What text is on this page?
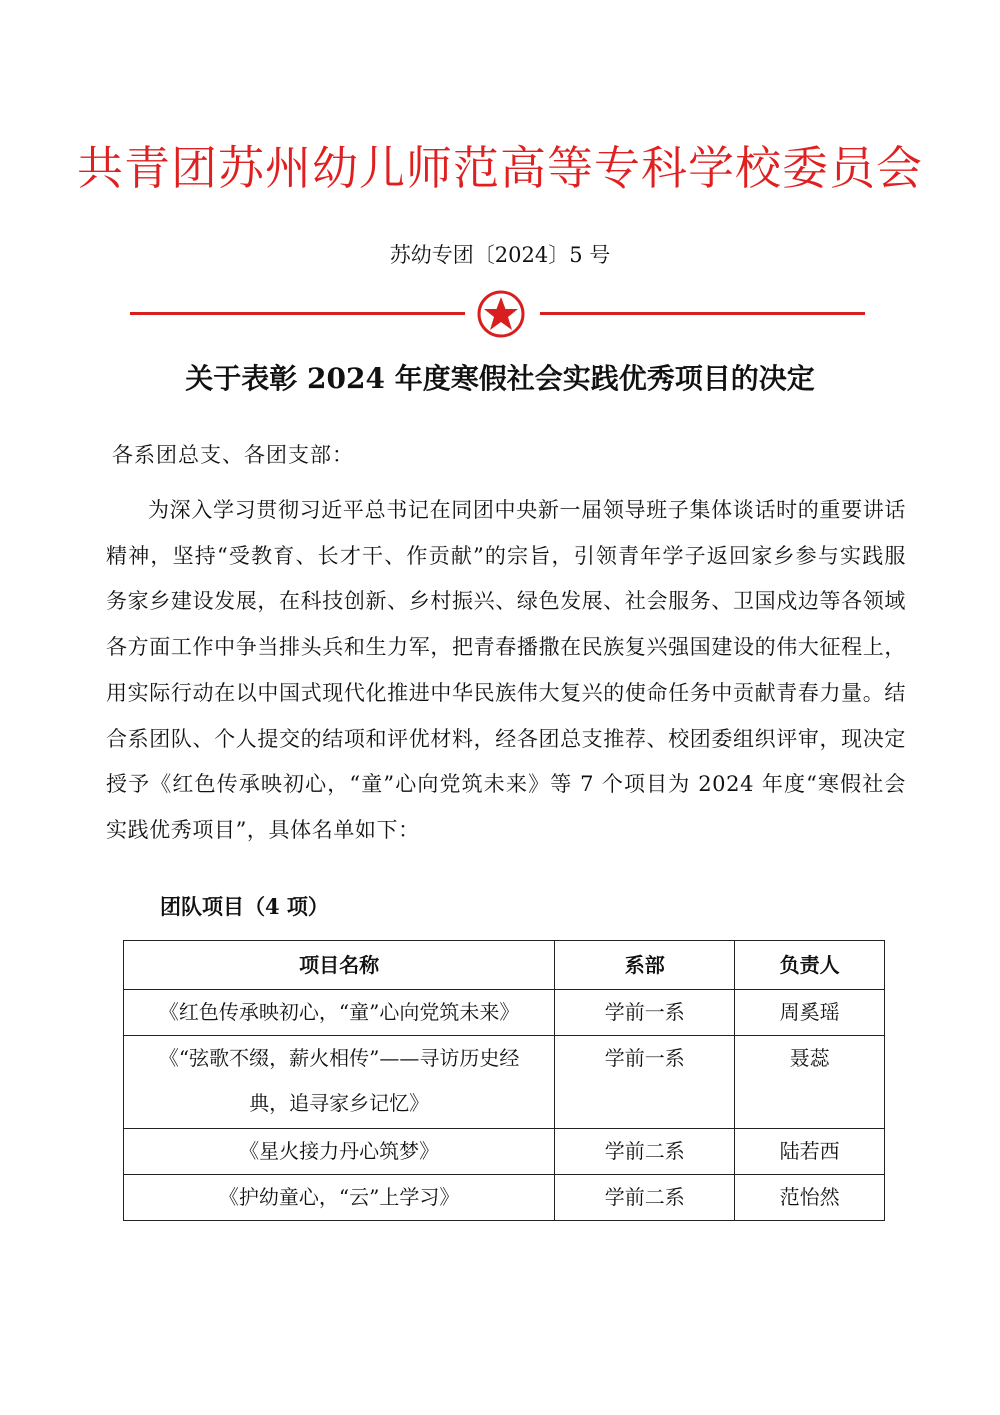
共青团苏州幼儿师范高等专科学校委员会
苏幼专团〔2024〕5 号
关于表彰 2024 年度寒假社会实践优秀项目的决定
各系团总支、各团支部：
为深入学习贯彻习近平总书记在同团中央新一届领导班子集体谈话时的重要讲话精神，坚持“受教育、长才干、作贡献”的宗旨，引领青年学子返回家乡参与实践服务家乡建设发展，在科技创新、乡村振兴、绿色发展、社会服务、卫国戍边等各领域各方面工作中争当排头兵和生力军，把青春播撒在民族复兴强国建设的伟大征程上，用实际行动在以中国式现代化推进中华民族伟大复兴的使命任务中贡献青春力量。结合系团队、个人提交的结项和评优材料，经各团总支推荐、校团委组织评审，现决定授予《红色传承映初心，“童”心向党筑未来》等 7 个项目为 2024 年度“寒假社会实践优秀项目”，具体名单如下：
团队项目（4 项）
项目名称	系部	负责人
《红色传承映初心，“童”心向党筑未来》	学前一系	周奚瑶
《“弦歌不缀，薪火相传”——寻访历史经典，追寻家乡记忆》	学前一系	聂蕊
《星火接力丹心筑梦》	学前二系	陆若西
《护幼童心，“云”上学习》	学前二系	范怡然
